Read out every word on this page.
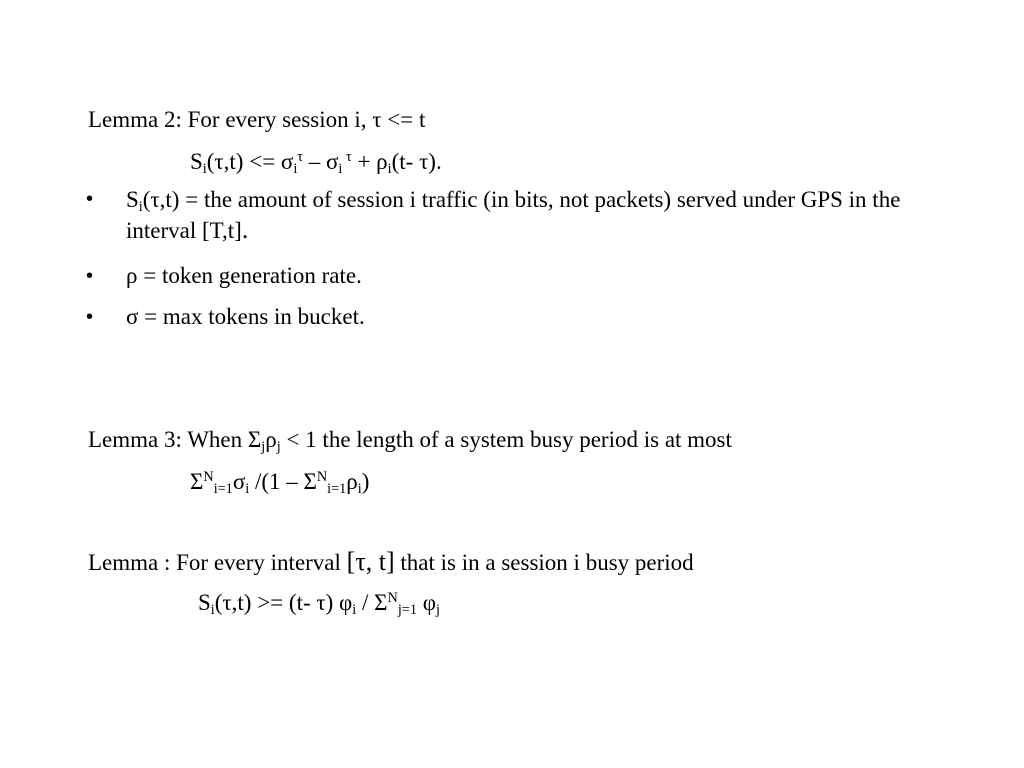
Lemma 2: For every session i, τ <= t
$S_i(\tau,t) <= \sigma_i^\tau - \sigma_i$ $^\tau + \rho_i(t-$ τ).
• $S_i(\tau,t)$ = the amount of session i traffic (in bits, not packets) served under GPS in the interval [T,t].
• ρ = token generation rate.
• σ = max tokens in bucket.
Lemma 3: When $\Sigma_j\rho_j < 1$ the length of a system busy period is at most
$\Sigma^N_{i=1}\sigma_i$ $/(1 - \Sigma^N_{i=1}\rho_i)$
Lemma : For every interval [τ, t] that is in a session i busy period
$S_i(\tau,t) >= (t-$ τ) $\varphi_i / \Sigma^N_{j=1}$ $\varphi_j$
